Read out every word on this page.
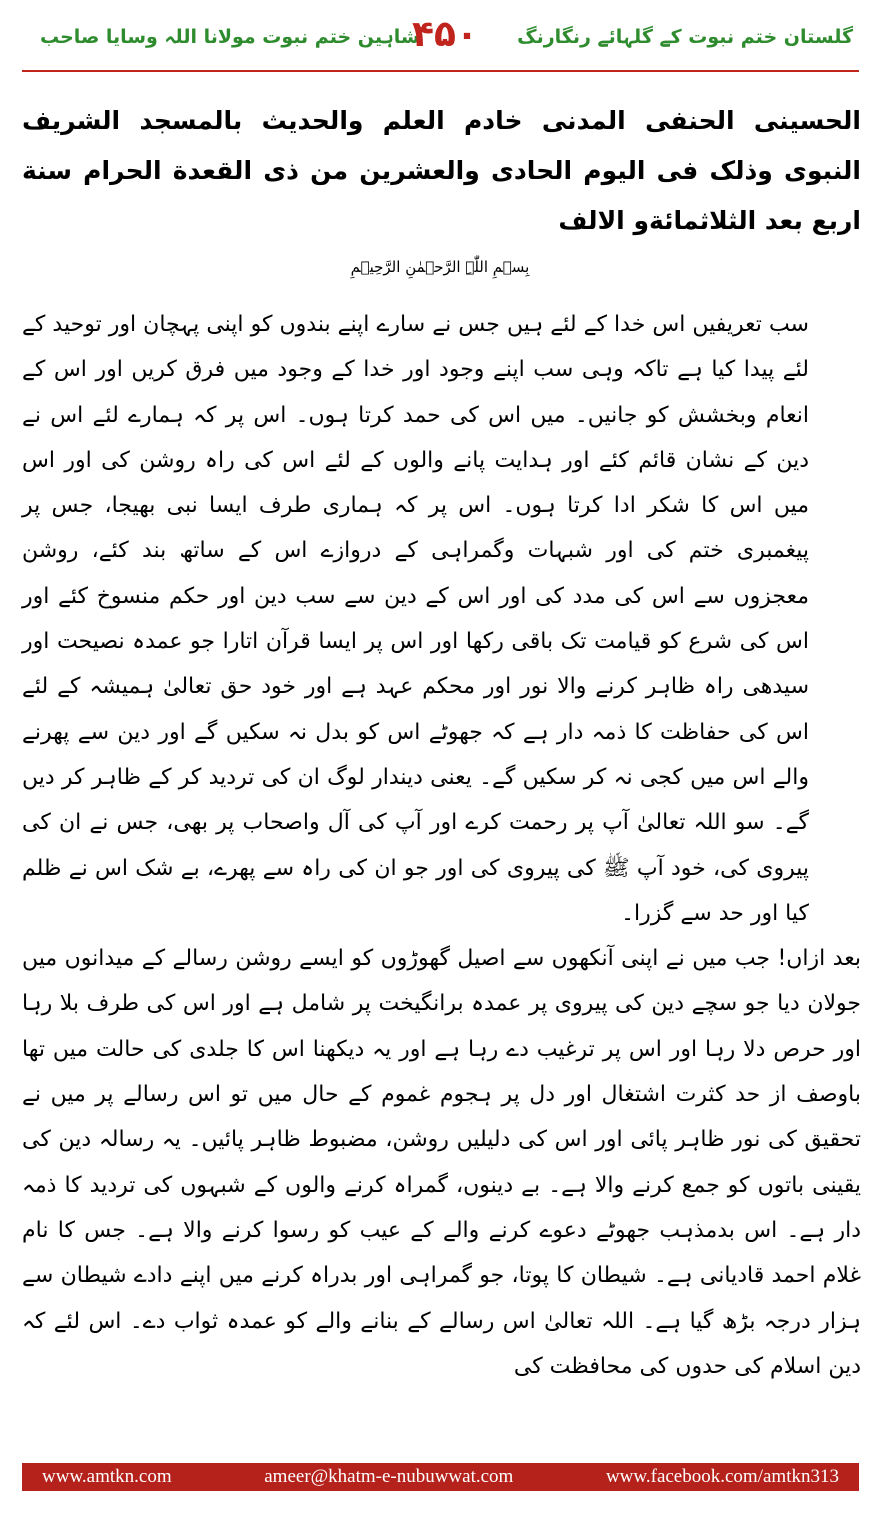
شاہین ختم نبوت مولانا اللہ وسایا صاحب
۴۵۰	گلستان ختم نبوت کے گلہائے رنگارنگ

الحسینی الحنفی المدنی خادم العلم والحدیث بالمسجد الشریف النبوی وذلک فی الیوم الحادی والعشرین من ذی القعدة الحرام سنة اربع بعد الثلاثمائةو الالف

بِسۡمِ اللّٰہِ الرَّحۡمٰنِ الرَّحِیۡمِ

سب تعریفیں اس خدا کے لئے ہیں جس نے سارے اپنے بندوں کو اپنی پہچان اور توحید کے لئے پیدا کیا ہے تاکہ وہی سب اپنے وجود اور خدا کے وجود میں فرق کریں اور اس کے انعام وبخشش کو جانیں۔ میں اس کی حمد کرتا ہوں۔ اس پر کہ ہمارے لئے اس نے دین کے نشان قائم کئے اور ہدایت پانے والوں کے لئے اس کی راہ روشن کی اور اس میں اس کا شکر ادا کرتا ہوں۔ اس پر کہ ہماری طرف ایسا نبی بھیجا، جس پر پیغمبری ختم کی اور شبہات وگمراہی کے دروازے اس کے ساتھ بند کئے، روشن معجزوں سے اس کی مدد کی اور اس کے دین سے سب دین اور حکم منسوخ کئے اور اس کی شرع کو قیامت تک باقی رکھا اور اس پر ایسا قرآن اتارا جو عمدہ نصیحت اور سیدھی راہ ظاہر کرنے والا نور اور محکم عہد ہے اور خود حق تعالیٰ ہمیشہ کے لئے اس کی حفاظت کا ذمہ دار ہے کہ جھوٹے اس کو بدل نہ سکیں گے اور دین سے پھرنے والے اس میں کجی نہ کر سکیں گے۔ یعنی دیندار لوگ ان کی تردید کر کے ظاہر کر دیں گے۔ سو اللہ تعالیٰ آپ پر رحمت کرے اور آپ کی آل واصحاب پر بھی، جس نے ان کی پیروی کی، خود آپ ﷺ کی پیروی کی اور جو ان کی راہ سے پھرے، بے شک اس نے ظلم کیا اور حد سے گزرا۔

بعد ازاں! جب میں نے اپنی آنکھوں سے اصیل گھوڑوں کو ایسے روشن رسالے کے میدانوں میں جولان دیا جو سچے دین کی پیروی پر عمدہ برانگیخت پر شامل ہے اور اس کی طرف بلا رہا اور حرص دلا رہا اور اس پر ترغیب دے رہا ہے اور یہ دیکھنا اس کا جلدی کی حالت میں تھا باوصف از حد کثرت اشتغال اور دل پر ہجوم غموم کے حال میں تو اس رسالے پر میں نے تحقیق کی نور ظاہر پائی اور اس کی دلیلیں روشن، مضبوط ظاہر پائیں۔ یہ رسالہ دین کی یقینی باتوں کو جمع کرنے والا ہے۔ بے دینوں، گمراہ کرنے والوں کے شبہوں کی تردید کا ذمہ دار ہے۔ اس بدمذہب جھوٹے دعوے کرنے والے کے عیب کو رسوا کرنے والا ہے۔ جس کا نام غلام احمد قادیانی ہے۔ شیطان کا پوتا، جو گمراہی اور بدراہ کرنے میں اپنے دادے شیطان سے ہزار درجہ بڑھ گیا ہے۔ اللہ تعالیٰ اس رسالے کے بنانے والے کو عمدہ ثواب دے۔ اس لئے کہ دین اسلام کی حدوں کی محافظت کی

www.amtkn.com	ameer@khatm-e-nubuwwat.com	www.facebook.com/amtkn313
